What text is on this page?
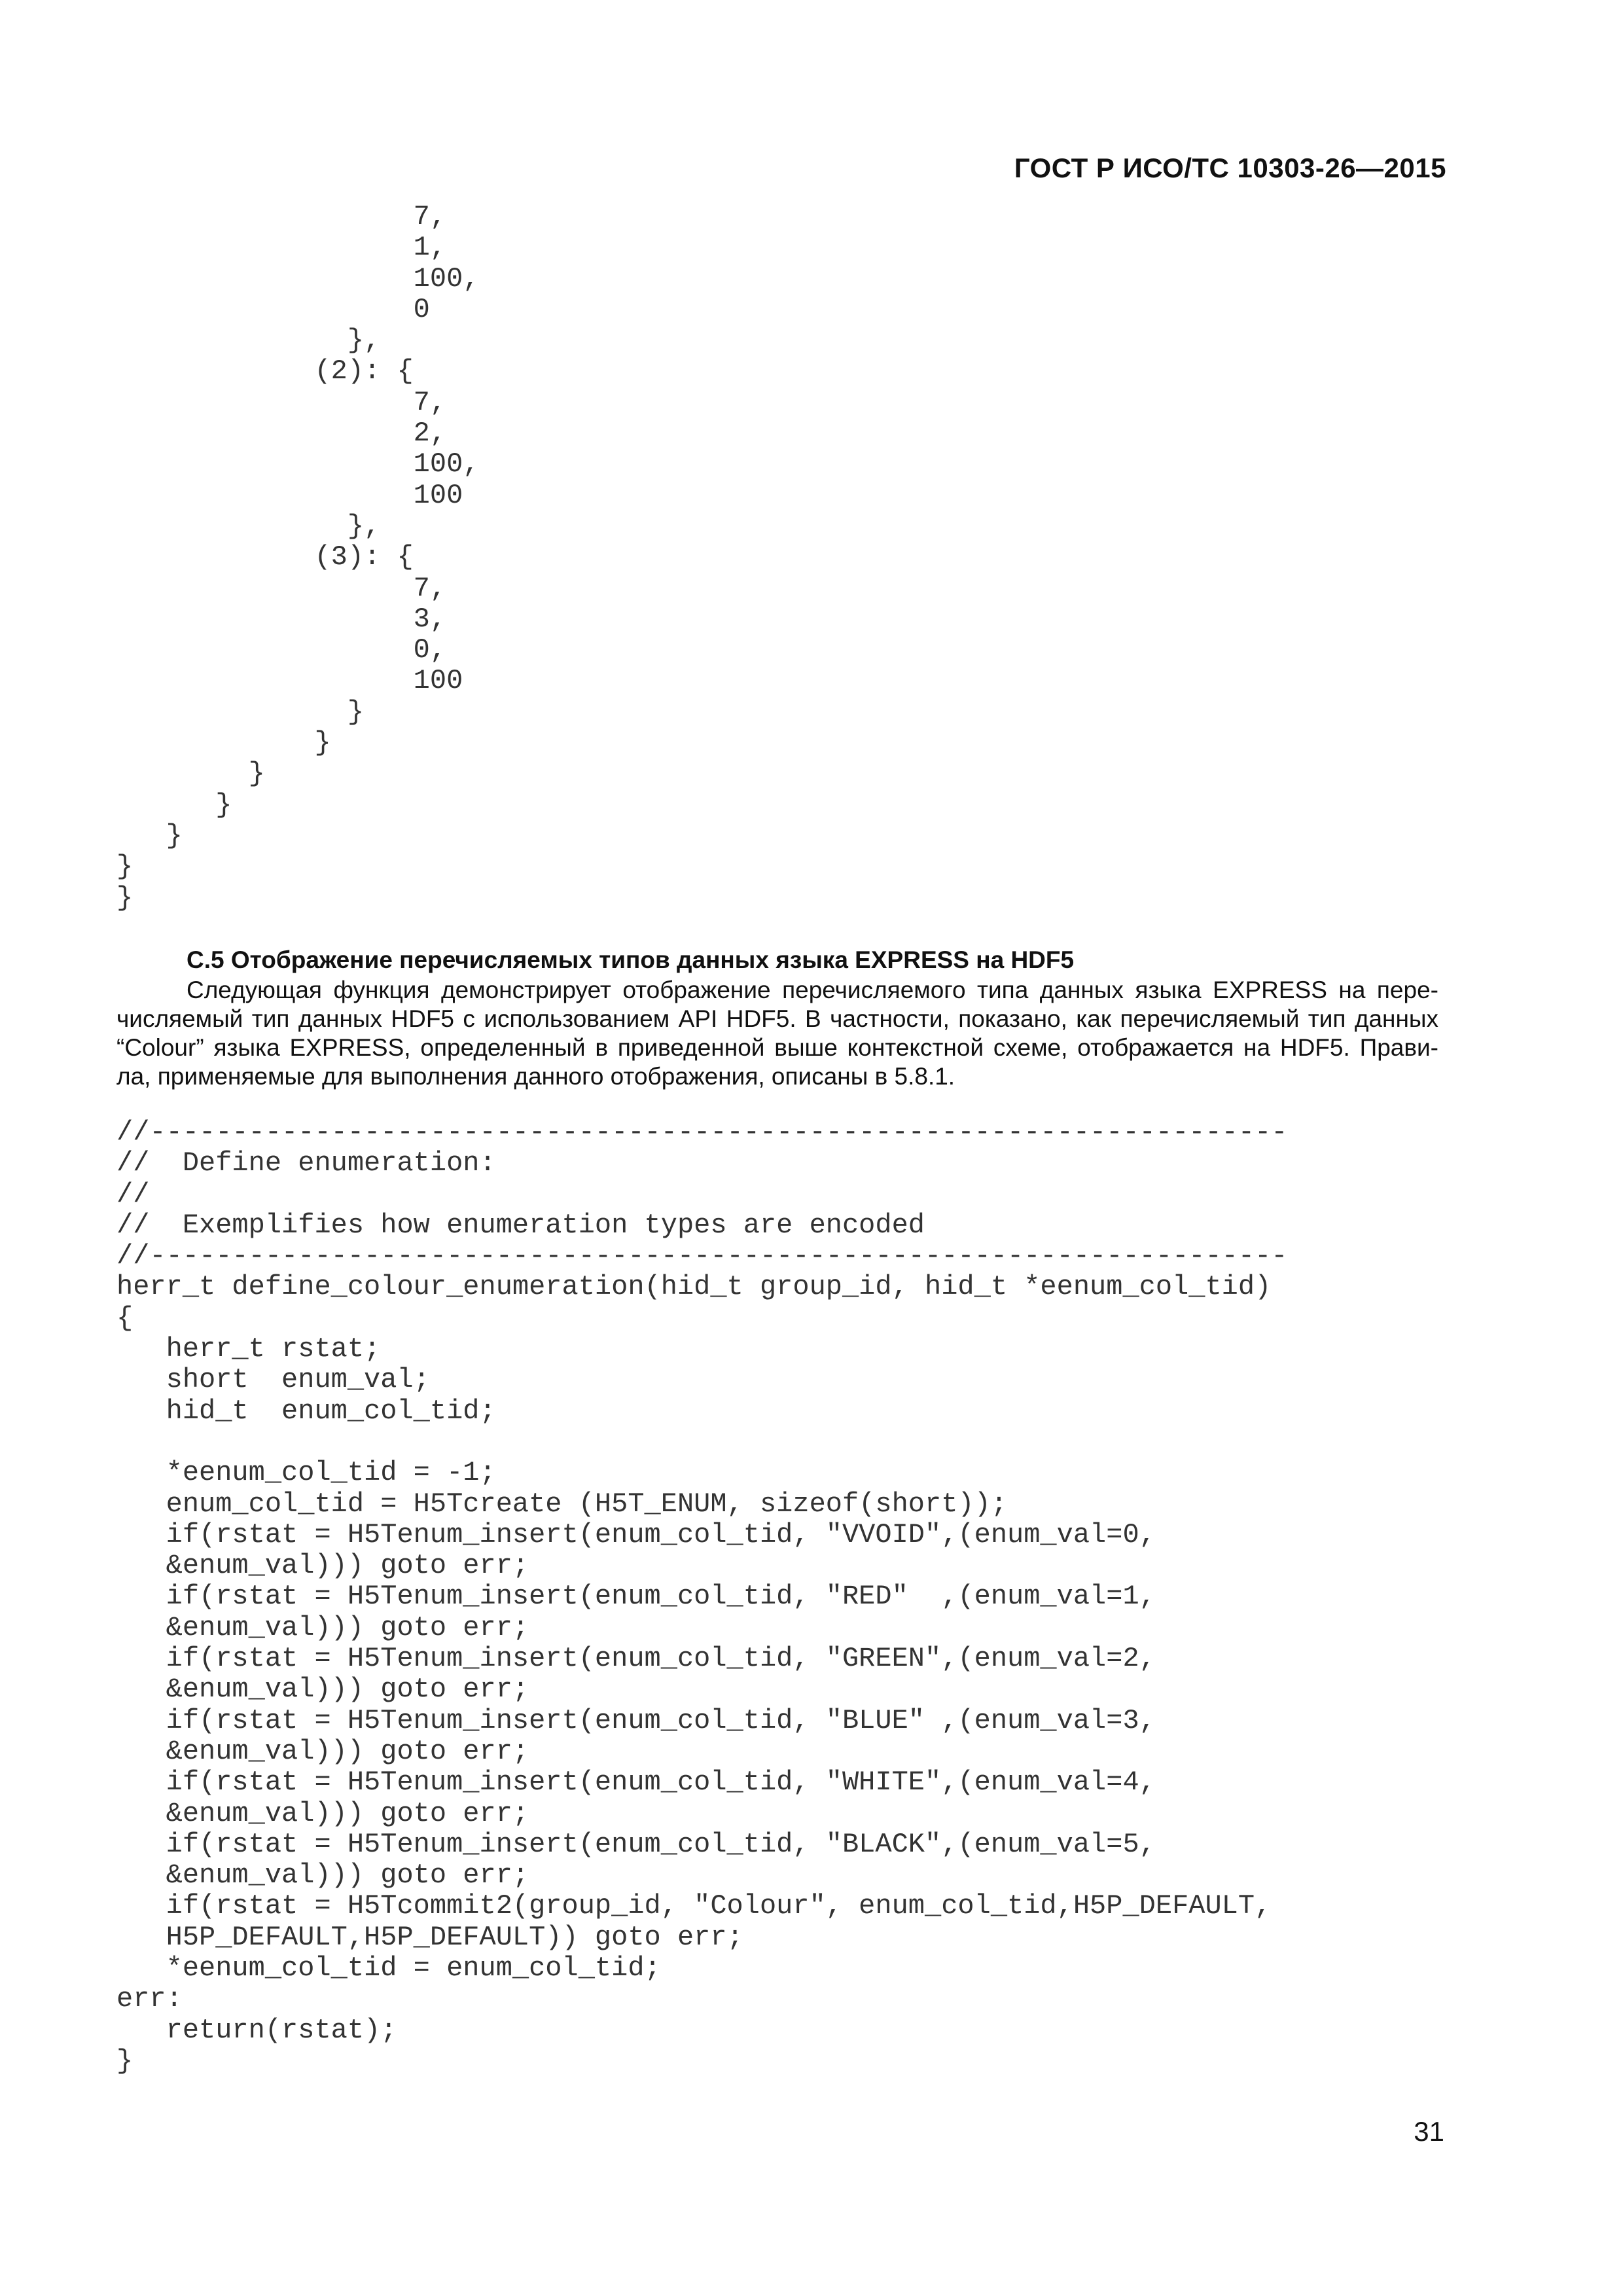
ГОСТ Р ИСО/ТС 10303-26—2015
7,
1,
100,
0
},
(2): {
7,
2,
100,
100
},
(3): {
7,
3,
0,
100
}
}
}
}
}
}
}
С.5 Отображение перечисляемых типов данных языка EXPRESS на HDF5
Следующая функция демонстрирует отображение перечисляемого типа данных языка EXPRESS на пере-
числяемый тип данных HDF5 с использованием API HDF5. В частности, показано, как перечисляемый тип данных
“Colour” языка EXPRESS, определенный в приведенной выше контекстной схеме, отображается на HDF5. Прави-
ла, применяемые для выполнения данного отображения, описаны в 5.8.1.
//---------------------------------------------------------------------
//  Define enumeration:
//
//  Exemplifies how enumeration types are encoded
//---------------------------------------------------------------------
herr_t define_colour_enumeration(hid_t group_id, hid_t *eenum_col_tid)
{
herr_t rstat;
short  enum_val;
hid_t  enum_col_tid;
*eenum_col_tid = -1;
enum_col_tid = H5Tcreate (H5T_ENUM, sizeof(short));
if(rstat = H5Tenum_insert(enum_col_tid, "VVOID",(enum_val=0,
&enum_val))) goto err;
if(rstat = H5Tenum_insert(enum_col_tid, "RED"  ,(enum_val=1,
&enum_val))) goto err;
if(rstat = H5Tenum_insert(enum_col_tid, "GREEN",(enum_val=2,
&enum_val))) goto err;
if(rstat = H5Tenum_insert(enum_col_tid, "BLUE" ,(enum_val=3,
&enum_val))) goto err;
if(rstat = H5Tenum_insert(enum_col_tid, "WHITE",(enum_val=4,
&enum_val))) goto err;
if(rstat = H5Tenum_insert(enum_col_tid, "BLACK",(enum_val=5,
&enum_val))) goto err;
if(rstat = H5Tcommit2(group_id, "Colour", enum_col_tid,H5P_DEFAULT,
H5P_DEFAULT,H5P_DEFAULT)) goto err;
*eenum_col_tid = enum_col_tid;
err:
return(rstat);
}
31
